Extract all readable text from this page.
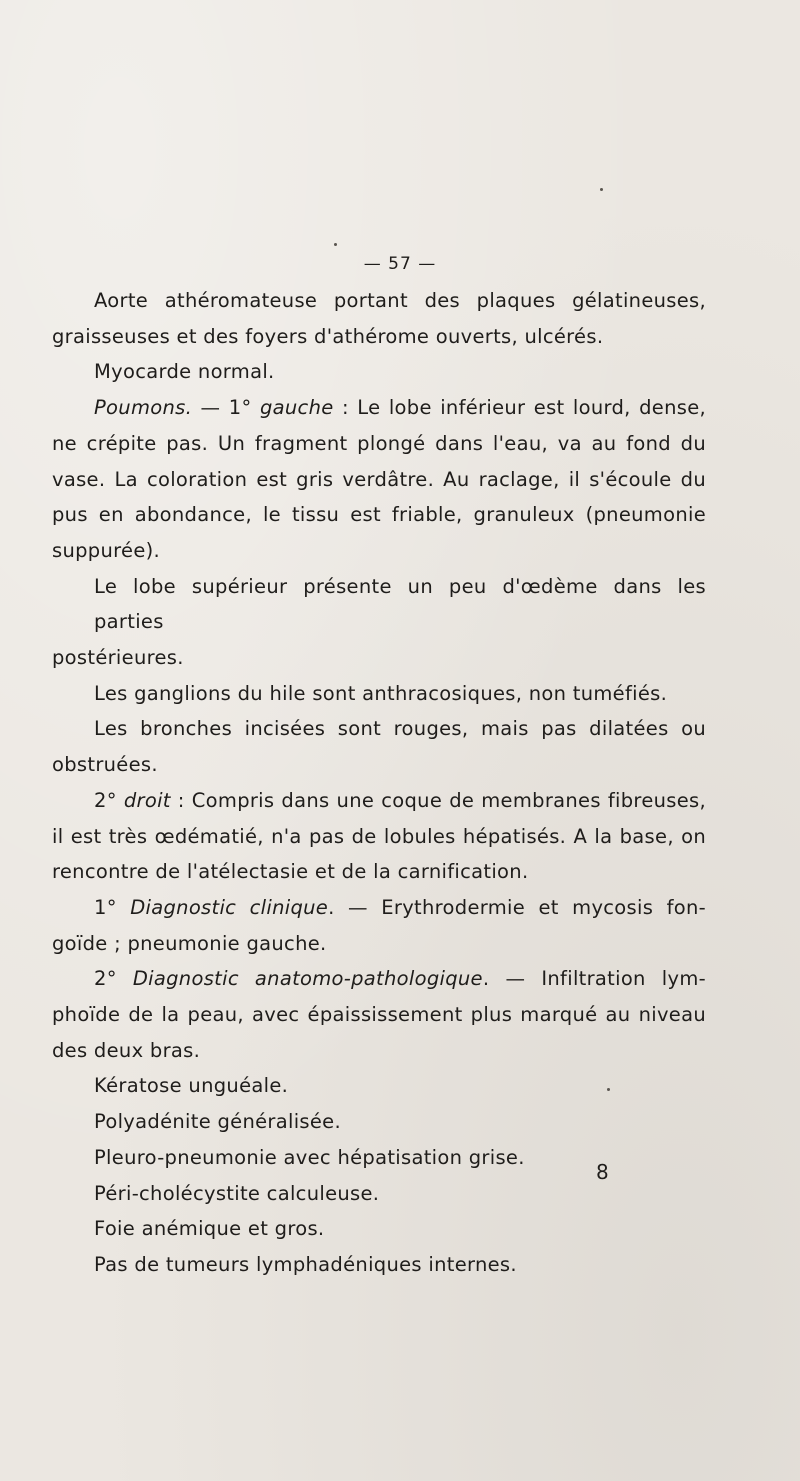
— 57 —
Aorte athéromateuse portant des plaques gélatineuses,
graisseuses et des foyers d'athérome ouverts, ulcérés.
Myocarde normal.
Poumons. — 1° gauche : Le lobe inférieur est lourd, dense,
ne crépite pas. Un fragment plongé dans l'eau, va au fond du
vase. La coloration est gris verdâtre. Au raclage, il s'écoule du
pus en abondance, le tissu est friable, granuleux (pneumonie
suppurée).
Le lobe supérieur présente un peu d'œdème dans les parties
postérieures.
Les ganglions du hile sont anthracosiques, non tuméfiés.
Les bronches incisées sont rouges, mais pas dilatées ou
obstruées.
2° droit : Compris dans une coque de membranes fibreuses,
il est très œdématié, n'a pas de lobules hépatisés. A la base, on
rencontre de l'atélectasie et de la carnification.
1° Diagnostic clinique. — Erythrodermie et mycosis fon-
goïde ; pneumonie gauche.
2° Diagnostic anatomo-pathologique. — Infiltration lym-
phoïde de la peau, avec épaississement plus marqué au niveau
des deux bras.
Kératose unguéale.
Polyadénite généralisée.
Pleuro-pneumonie avec hépatisation grise.
Péri-cholécystite calculeuse.
Foie anémique et gros.
Pas de tumeurs lymphadéniques internes.
8
